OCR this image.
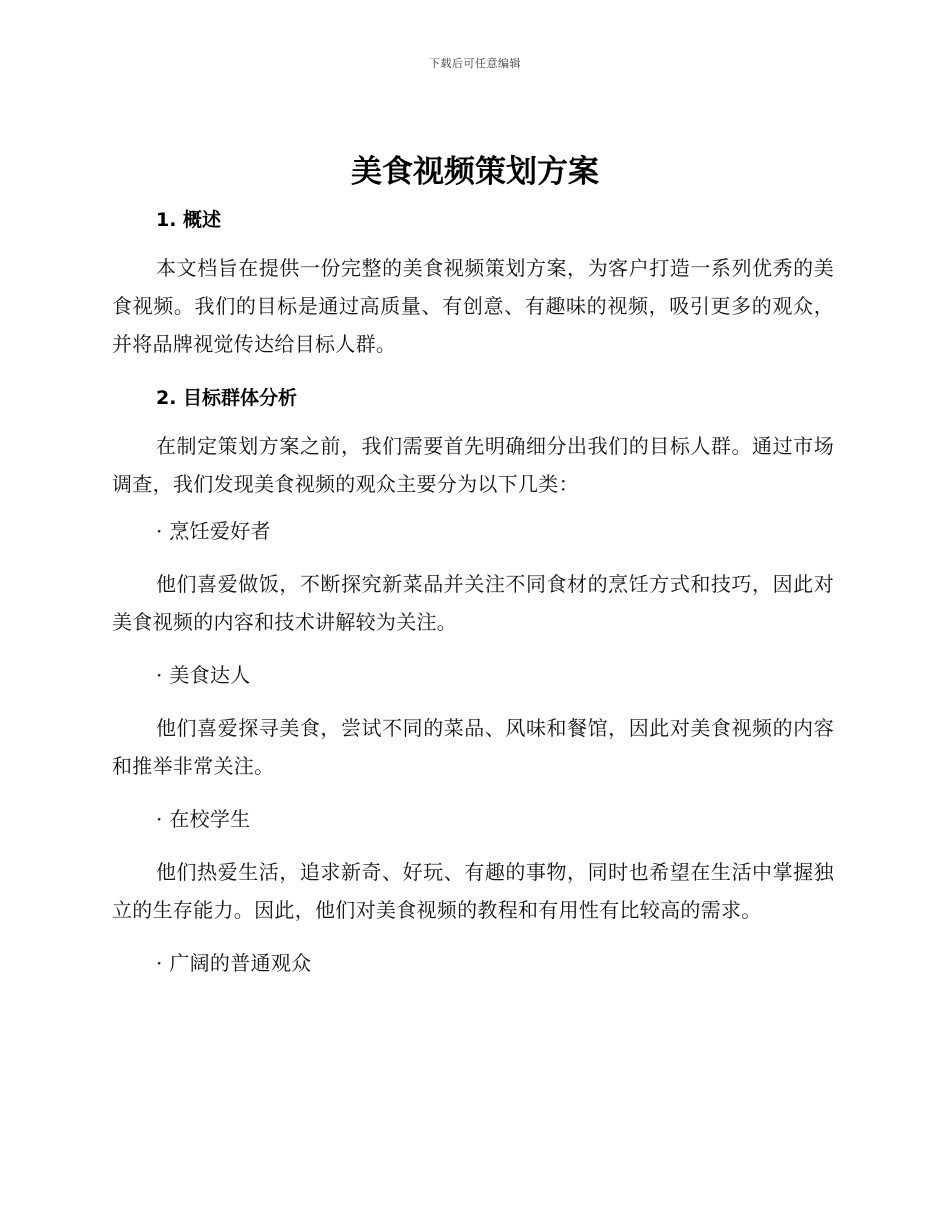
下载后可任意编辑
美食视频策划方案

1. 概述

本文档旨在提供一份完整的美食视频策划方案，为客户打造一系列优秀的美食视频。我们的目标是通过高质量、有创意、有趣味的视频，吸引更多的观众，并将品牌视觉传达给目标人群。

2. 目标群体分析

在制定策划方案之前，我们需要首先明确细分出我们的目标人群。通过市场调查，我们发现美食视频的观众主要分为以下几类：

· 烹饪爱好者

他们喜爱做饭，不断探究新菜品并关注不同食材的烹饪方式和技巧，因此对美食视频的内容和技术讲解较为关注。

· 美食达人

他们喜爱探寻美食，尝试不同的菜品、风味和餐馆，因此对美食视频的内容和推举非常关注。

· 在校学生

他们热爱生活，追求新奇、好玩、有趣的事物，同时也希望在生活中掌握独立的生存能力。因此，他们对美食视频的教程和有用性有比较高的需求。

· 广阔的普通观众
